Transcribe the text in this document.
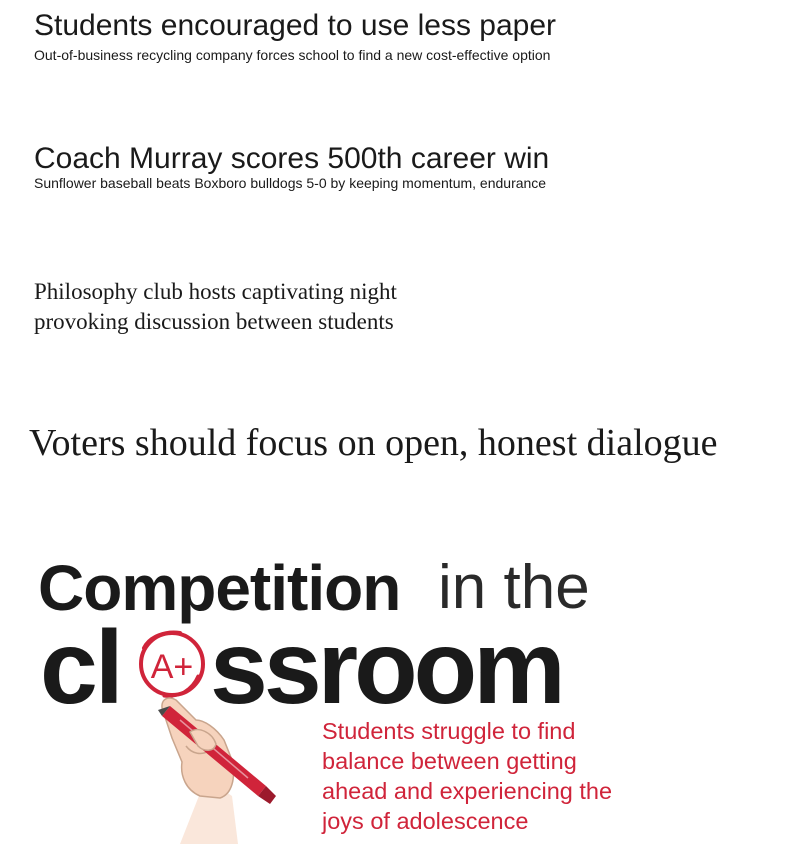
Students encouraged to use less paper
Out-of-business recycling company forces school to find a new cost-effective option
Coach Murray scores 500th career win
Sunflower baseball beats Boxboro bulldogs 5-0 by keeping momentum, endurance
Philosophy club hosts captivating night provoking discussion between students
Voters should focus on open, honest dialogue
Competition in the
cl A+ ssroom
Students struggle to find balance between getting ahead and experiencing the joys of adolescence
